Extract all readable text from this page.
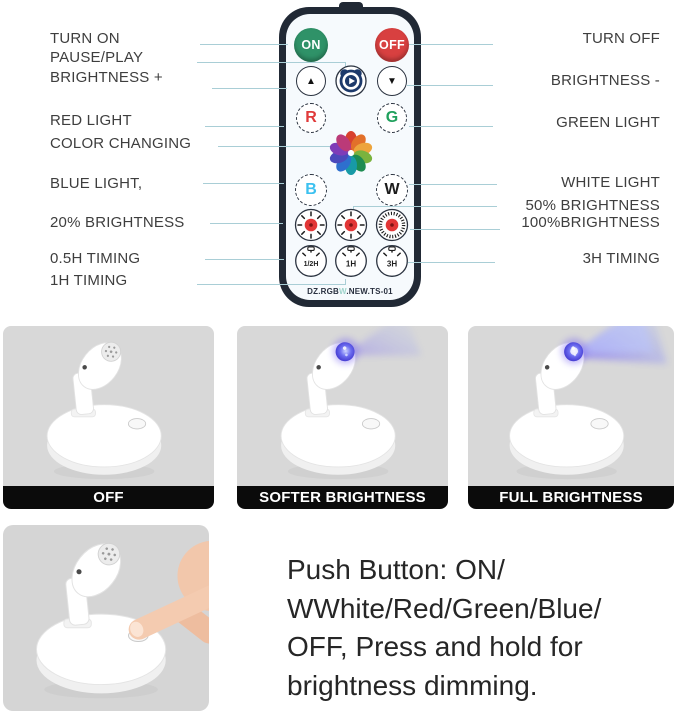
ON	OFF
▲	▼
R	G
B	W
1/2H	1H	3H
DZ.RGBW.NEW.TS-01
TURN ON
PAUSE/PLAY
BRIGHTNESS +
RED LIGHT
COLOR CHANGING
BLUE LIGHT,
20% BRIGHTNESS
0.5H TIMING
1H TIMING
TURN OFF
BRIGHTNESS -
GREEN LIGHT
WHITE LIGHT
50% BRIGHTNESS
100%BRIGHTNESS
3H TIMING
OFF	SOFTER BRIGHTNESS	FULL BRIGHTNESS
Push Button: ON/
WWhite/Red/Green/Blue/
OFF, Press and hold for
brightness dimming.
